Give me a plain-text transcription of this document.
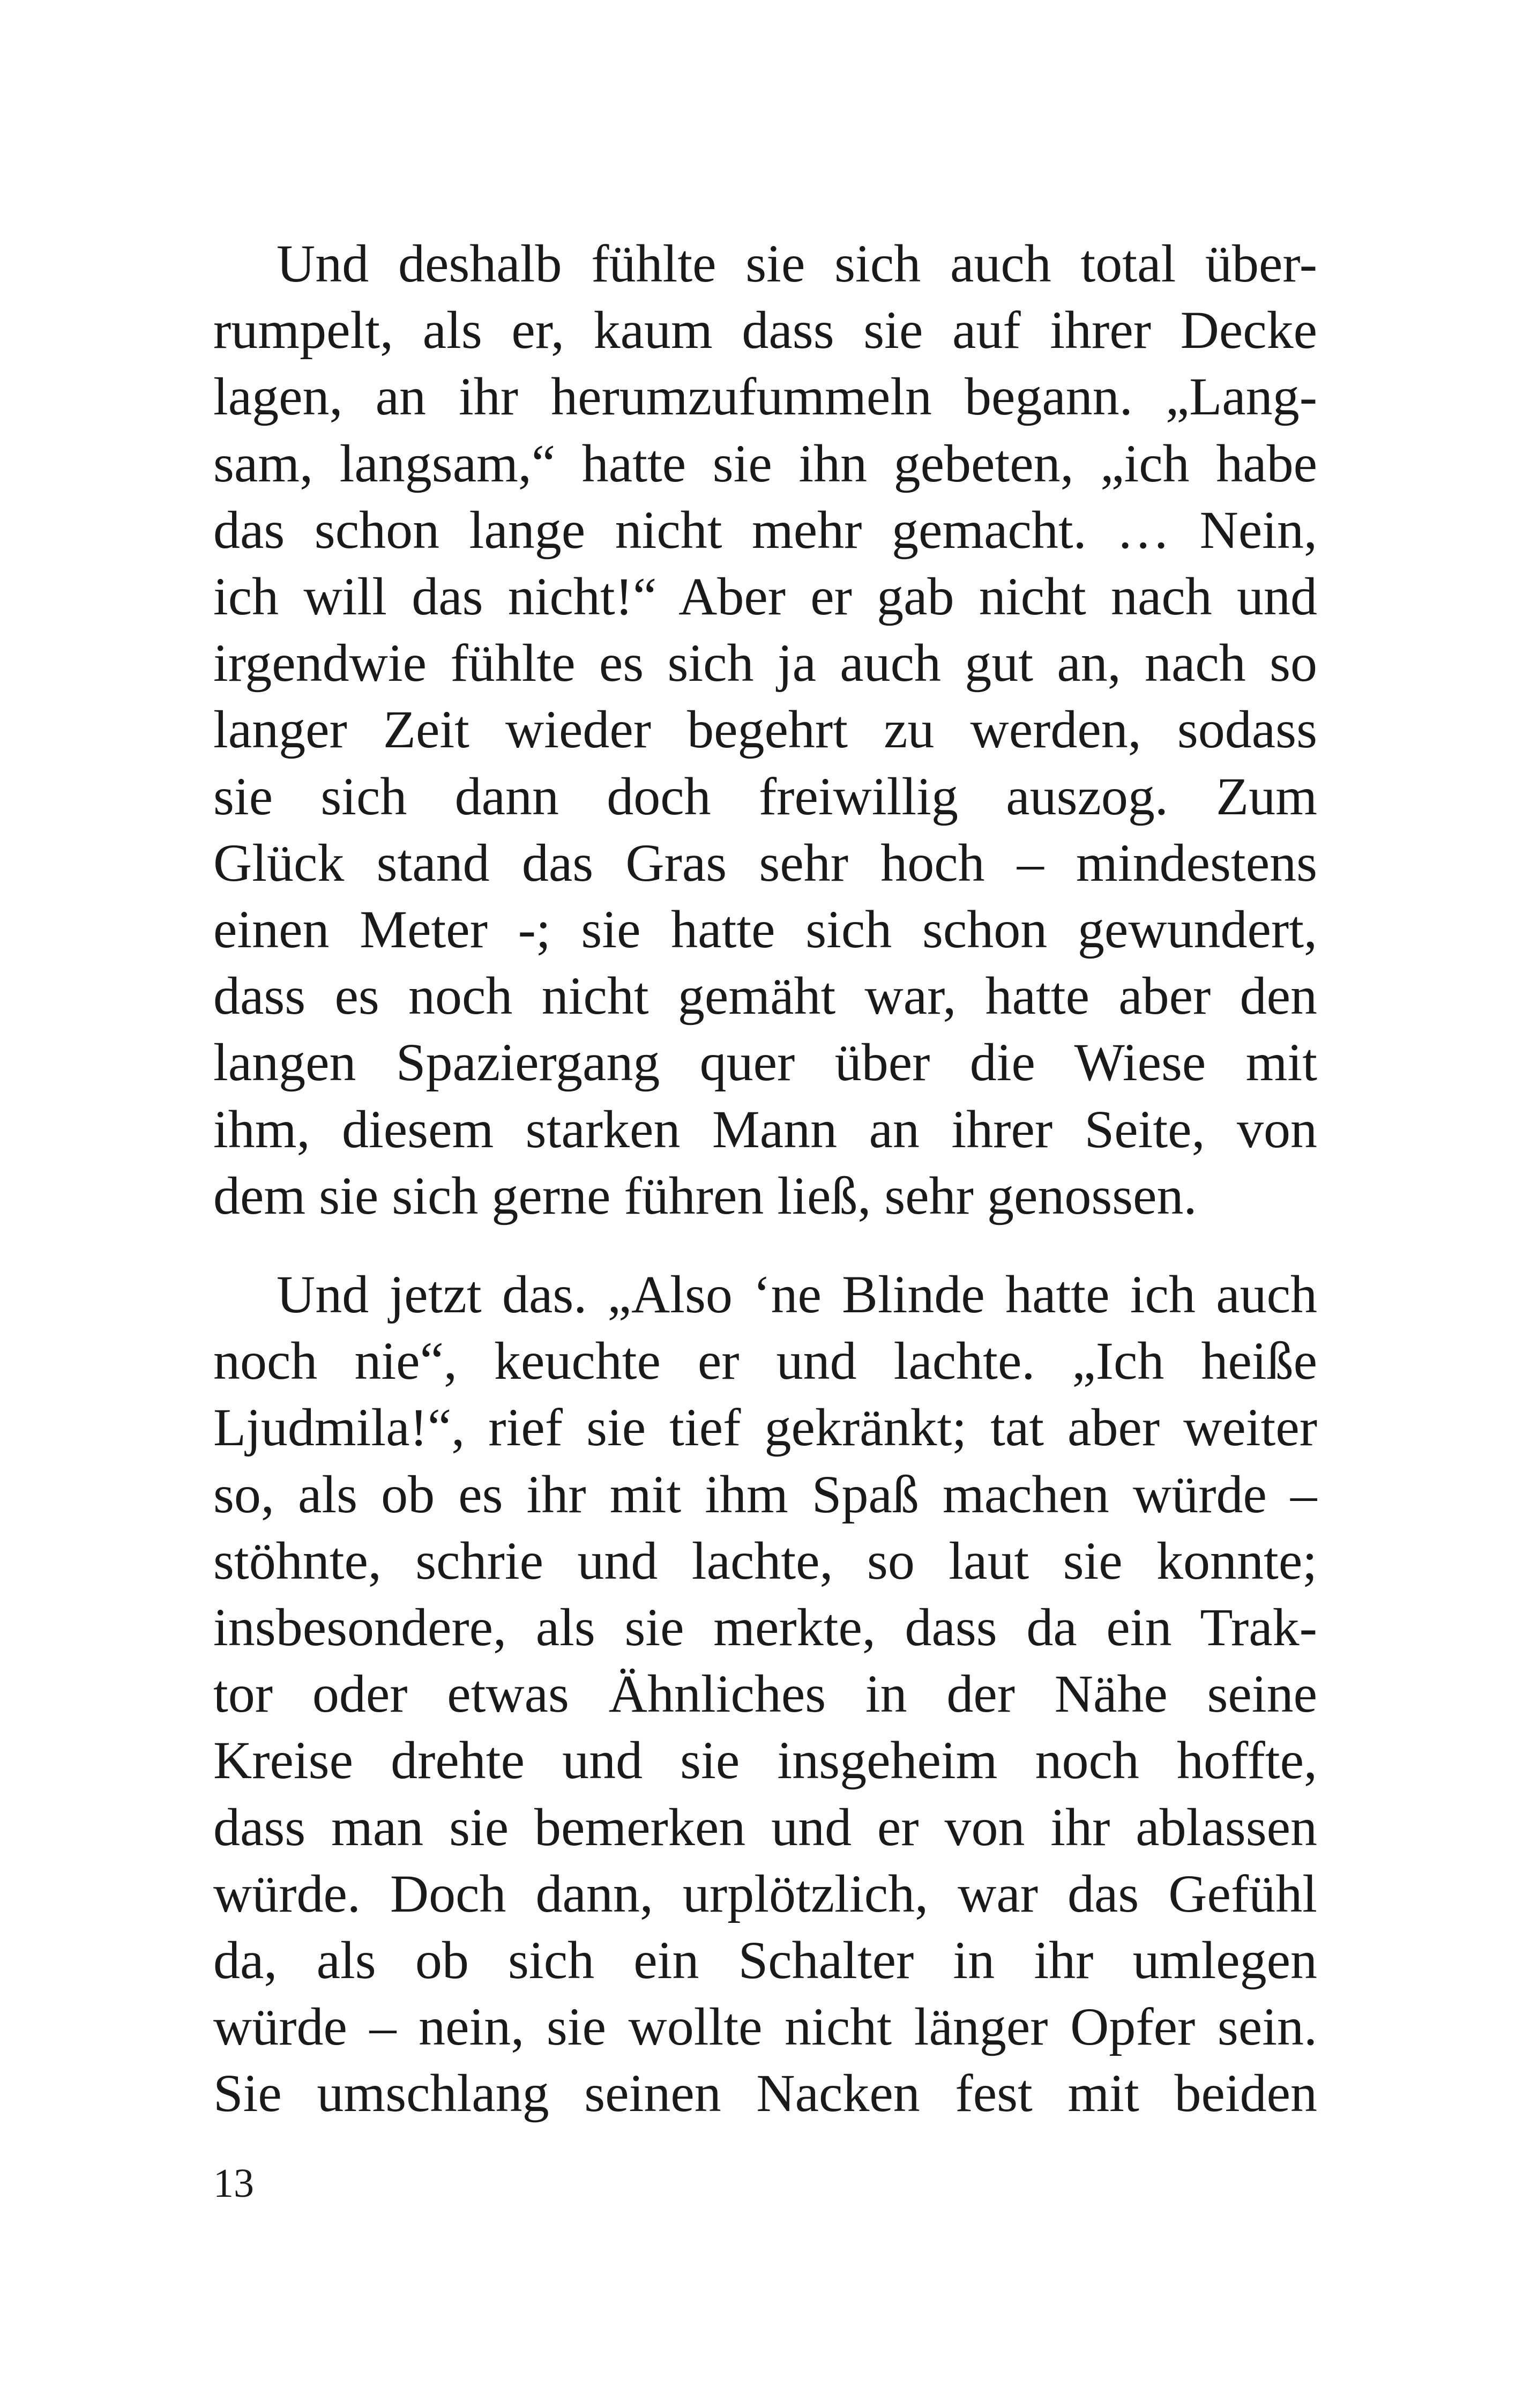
Und deshalb fühlte sie sich auch total über-
rumpelt, als er, kaum dass sie auf ihrer Decke
lagen, an ihr herumzufummeln begann. „Lang-
sam, langsam,“ hatte sie ihn gebeten, „ich habe
das schon lange nicht mehr gemacht. … Nein,
ich will das nicht!“ Aber er gab nicht nach und
irgendwie fühlte es sich ja auch gut an, nach so
langer Zeit wieder begehrt zu werden, sodass
sie sich dann doch freiwillig auszog. Zum
Glück stand das Gras sehr hoch – mindestens
einen Meter -; sie hatte sich schon gewundert,
dass es noch nicht gemäht war, hatte aber den
langen Spaziergang quer über die Wiese mit
ihm, diesem starken Mann an ihrer Seite, von
dem sie sich gerne führen ließ, sehr genossen.

Und jetzt das. „Also ‘ne Blinde hatte ich auch
noch nie“, keuchte er und lachte. „Ich heiße
Ljudmila!“, rief sie tief gekränkt; tat aber weiter
so, als ob es ihr mit ihm Spaß machen würde –
stöhnte, schrie und lachte, so laut sie konnte;
insbesondere, als sie merkte, dass da ein Trak-
tor oder etwas Ähnliches in der Nähe seine
Kreise drehte und sie insgeheim noch hoffte,
dass man sie bemerken und er von ihr ablassen
würde. Doch dann, urplötzlich, war das Gefühl
da, als ob sich ein Schalter in ihr umlegen
würde – nein, sie wollte nicht länger Opfer sein.
Sie umschlang seinen Nacken fest mit beiden

13
